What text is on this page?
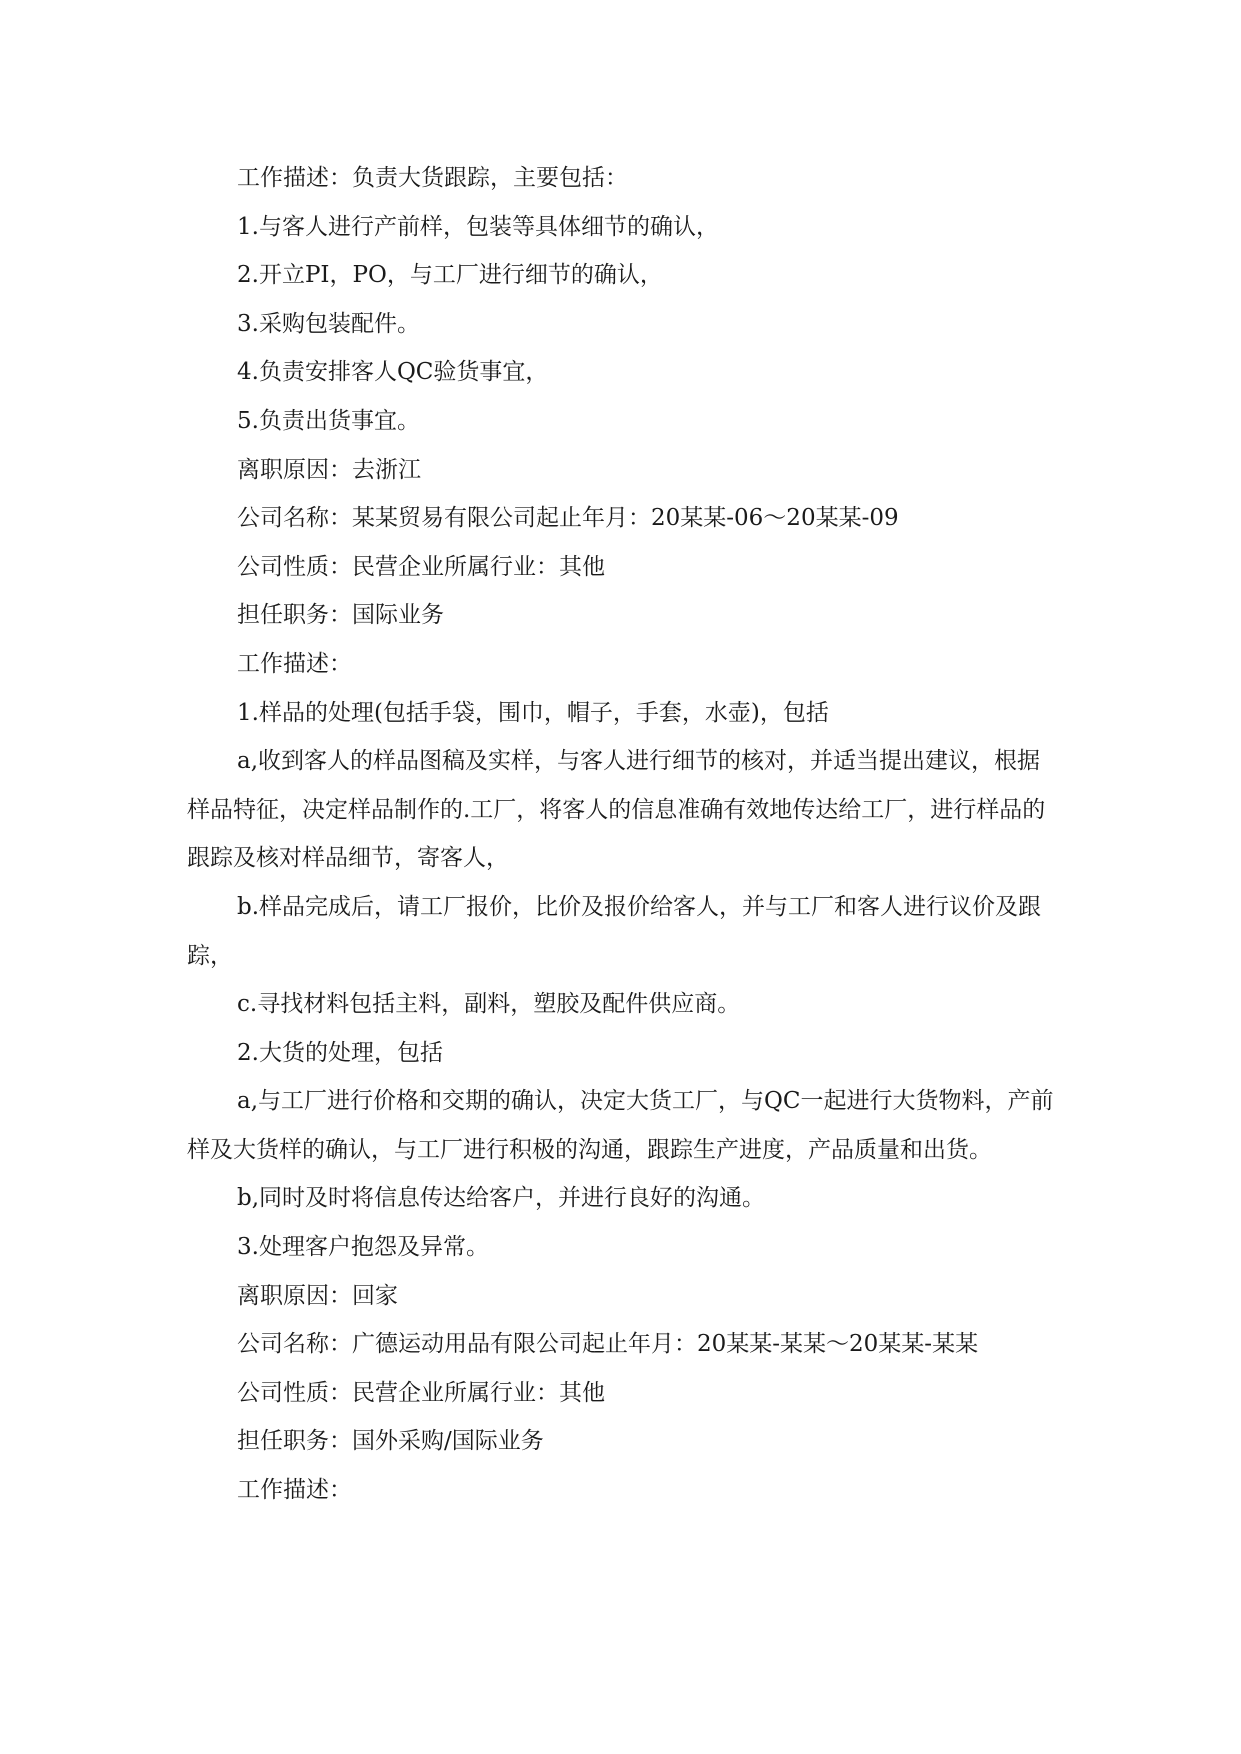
工作描述：负责大货跟踪，主要包括：

1.与客人进行产前样，包装等具体细节的确认，

2.开立PI，PO，与工厂进行细节的确认，

3.采购包装配件。

4.负责安排客人QC验货事宜，

5.负责出货事宜。

离职原因：去浙江

公司名称：某某贸易有限公司起止年月：20某某-06～20某某-09

公司性质：民营企业所属行业：其他

担任职务：国际业务

工作描述：

1.样品的处理(包括手袋，围巾，帽子，手套，水壶)，包括

a,收到客人的样品图稿及实样，与客人进行细节的核对，并适当提出建议，根据样品特征，决定样品制作的.工厂，将客人的信息准确有效地传达给工厂，进行样品的跟踪及核对样品细节，寄客人，

b.样品完成后，请工厂报价，比价及报价给客人，并与工厂和客人进行议价及跟踪，

c.寻找材料包括主料，副料，塑胶及配件供应商。

2.大货的处理，包括

a,与工厂进行价格和交期的确认，决定大货工厂，与QC一起进行大货物料，产前样及大货样的确认，与工厂进行积极的沟通，跟踪生产进度，产品质量和出货。

b,同时及时将信息传达给客户，并进行良好的沟通。

3.处理客户抱怨及异常。

离职原因：回家

公司名称：广德运动用品有限公司起止年月：20某某-某某～20某某-某某

公司性质：民营企业所属行业：其他

担任职务：国外采购/国际业务

工作描述：
